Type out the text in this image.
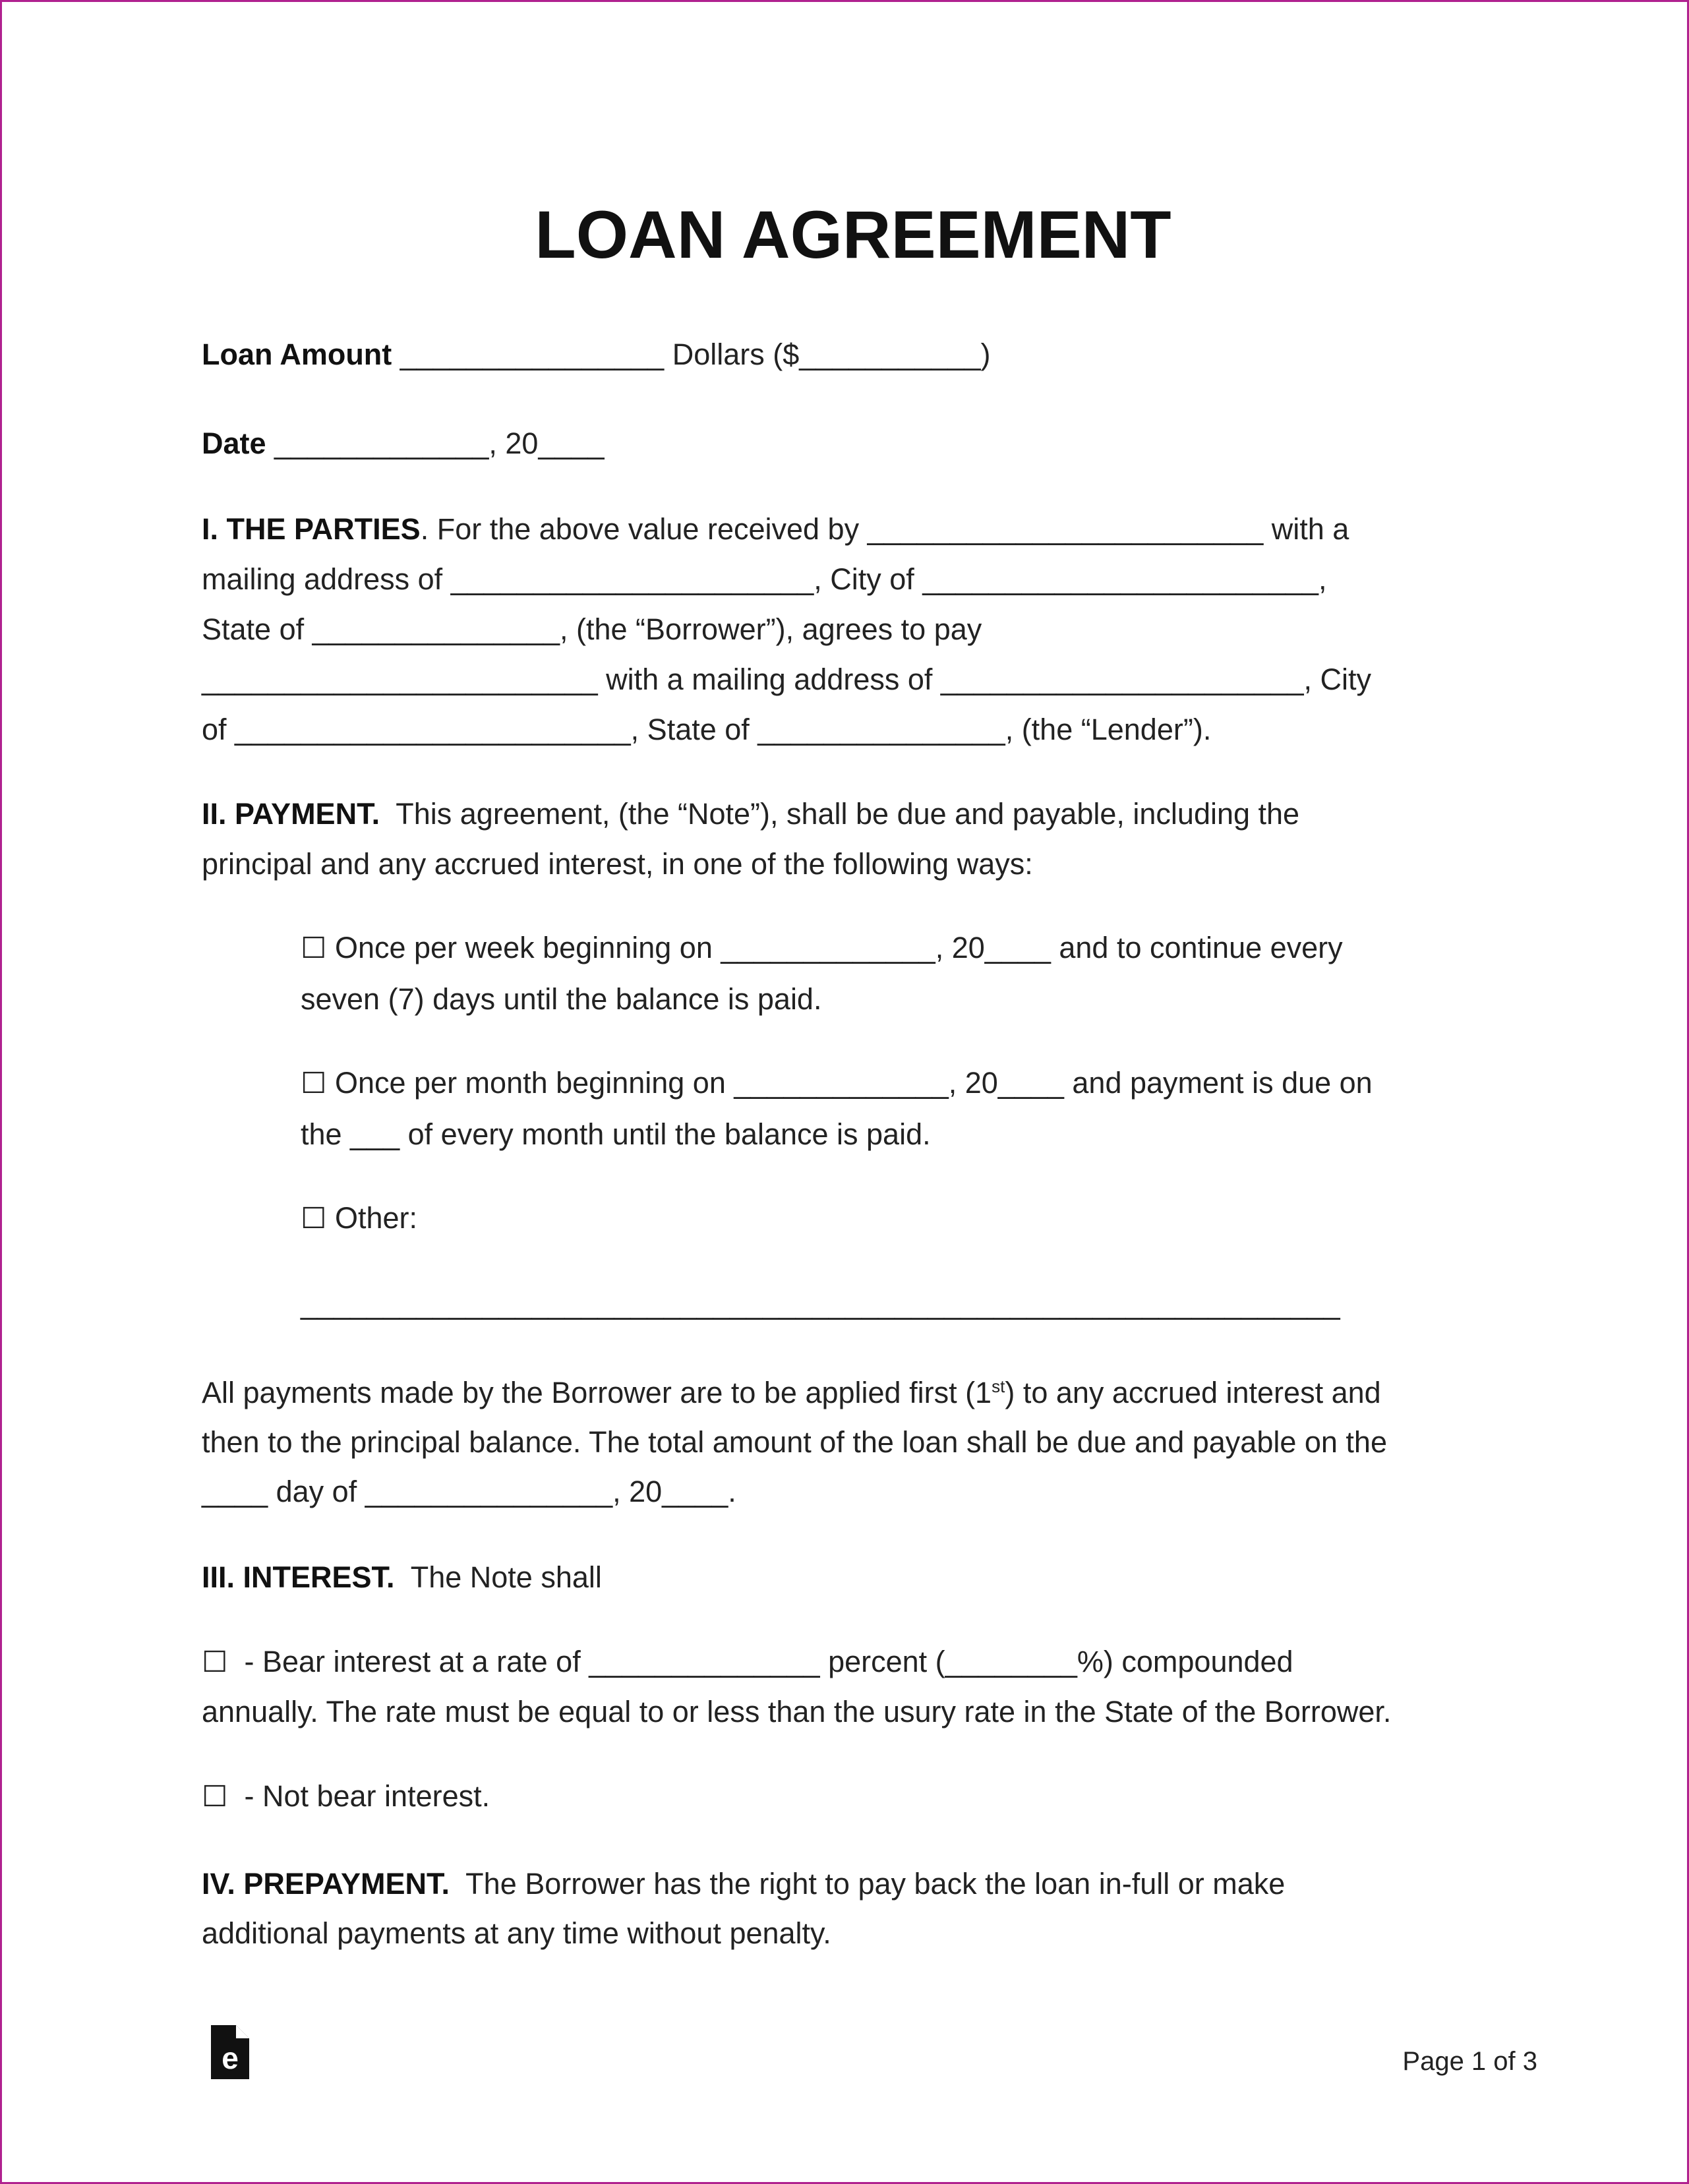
LOAN AGREEMENT
Loan Amount ________________ Dollars ($___________)
Date _____________, 20____
I. THE PARTIES. For the above value received by ________________________ with a
mailing address of ______________________, City of ________________________,
State of _______________, (the “Borrower”), agrees to pay
________________________ with a mailing address of ______________________, City
of ________________________, State of _______________, (the “Lender”).
II. PAYMENT.  This agreement, (the “Note”), shall be due and payable, including the
principal and any accrued interest, in one of the following ways:
☐ Once per week beginning on _____________, 20____ and to continue every
seven (7) days until the balance is paid.
☐ Once per month beginning on _____________, 20____ and payment is due on
the ___ of every month until the balance is paid.
☐ Other:
_______________________________________________________________
All payments made by the Borrower are to be applied first (1st) to any accrued interest and
then to the principal balance. The total amount of the loan shall be due and payable on the
____ day of _______________, 20____.
III. INTEREST.  The Note shall
☐  - Bear interest at a rate of ______________ percent (________%) compounded
annually. The rate must be equal to or less than the usury rate in the State of the Borrower.
☐  - Not bear interest.
IV. PREPAYMENT.  The Borrower has the right to pay back the loan in-full or make
additional payments at any time without penalty.
e	Page 1 of 3
